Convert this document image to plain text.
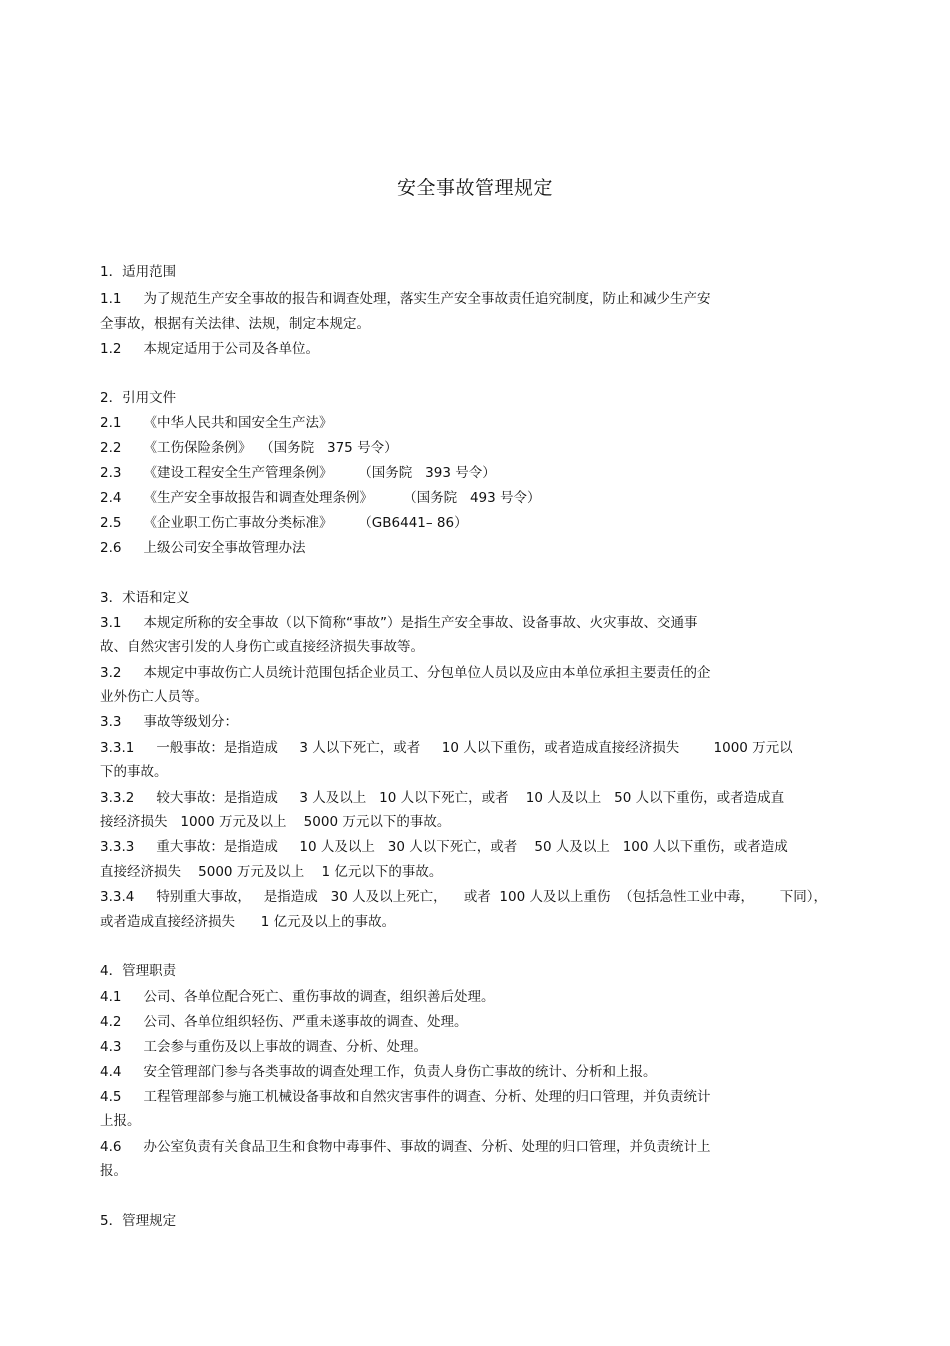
安全事故管理规定
1．适用范围
1.1　  为了规范生产安全事故的报告和调查处理，落实生产安全事故责任追究制度，防止和减少生产安
全事故，根据有关法律、法规，制定本规定。
1.2　  本规定适用于公司及各单位。
2．引用文件
2.1　  《中华人民共和国安全生产法》
2.2　  《工伤保险条例》  （国务院   375 号令）
2.3　  《建设工程安全生产管理条例》      （国务院   393 号令）
2.4　  《生产安全事故报告和调查处理条例》       （国务院   493 号令）
2.5　  《企业职工伤亡事故分类标准》      （GB6441– 86）
2.6　  上级公司安全事故管理办法
3．术语和定义
3.1　  本规定所称的安全事故（以下简称“事故”）是指生产安全事故、设备事故、火灾事故、交通事
故、自然灾害引发的人身伤亡或直接经济损失事故等。
3.2　  本规定中事故伤亡人员统计范围包括企业员工、分包单位人员以及应由本单位承担主要责任的企
业外伤亡人员等。
3.3　  事故等级划分：
3.3.1　  一般事故：是指造成     3 人以下死亡，或者     10 人以下重伤，或者造成直接经济损失        1000 万元以
下的事故。
3.3.2　  较大事故：是指造成     3 人及以上   10 人以下死亡，或者    10 人及以上   50 人以下重伤，或者造成直
接经济损失   1000 万元及以上    5000 万元以下的事故。
3.3.3　  重大事故：是指造成     10 人及以上   30 人以下死亡，或者    50 人及以上   100 人以下重伤，或者造成
直接经济损失    5000 万元及以上    1 亿元以下的事故。
3.3.4　  特别重大事故，   是指造成   30 人及以上死亡，    或者  100 人及以上重伤  （包括急性工业中毒，      下同），
或者造成直接经济损失      1 亿元及以上的事故。
4．管理职责
4.1　  公司、各单位配合死亡、重伤事故的调查，组织善后处理。
4.2　  公司、各单位组织轻伤、严重未遂事故的调查、处理。
4.3　  工会参与重伤及以上事故的调查、分析、处理。
4.4　  安全管理部门参与各类事故的调查处理工作，负责人身伤亡事故的统计、分析和上报。
4.5　  工程管理部参与施工机械设备事故和自然灾害事件的调查、分析、处理的归口管理，并负责统计
上报。
4.6　  办公室负责有关食品卫生和食物中毒事件、事故的调查、分析、处理的归口管理，并负责统计上
报。
5．管理规定
